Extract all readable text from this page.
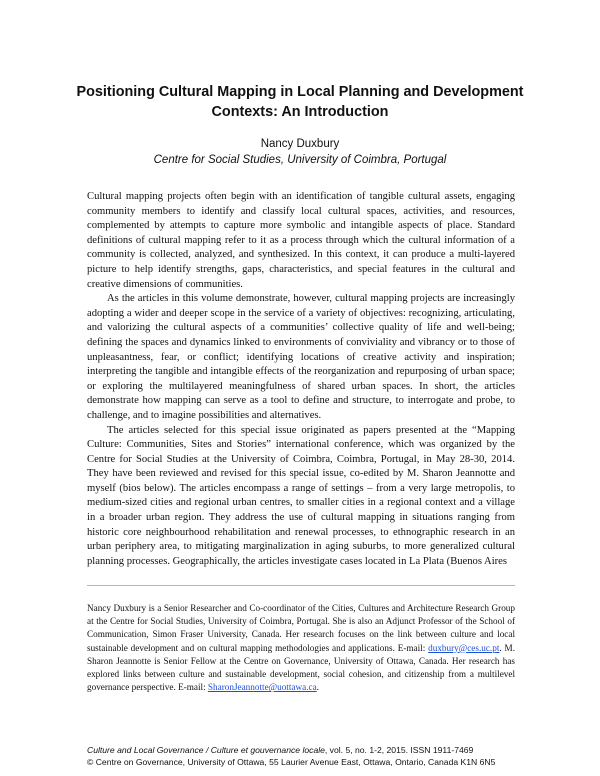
Positioning Cultural Mapping in Local Planning and Development Contexts: An Introduction

Nancy Duxbury

Centre for Social Studies, University of Coimbra, Portugal

Cultural mapping projects often begin with an identification of tangible cultural assets, engaging community members to identify and classify local cultural spaces, activities, and resources, complemented by attempts to capture more symbolic and intangible aspects of place. Standard definitions of cultural mapping refer to it as a process through which the cultural information of a community is collected, analyzed, and synthesized. In this context, it can produce a multi-layered picture to help identify strengths, gaps, characteristics, and special features in the cultural and creative dimensions of communities.

As the articles in this volume demonstrate, however, cultural mapping projects are increasingly adopting a wider and deeper scope in the service of a variety of objectives: recognizing, articulating, and valorizing the cultural aspects of a communities’ collective quality of life and well-being; defining the spaces and dynamics linked to environments of conviviality and vibrancy or to those of unpleasantness, fear, or conflict; identifying locations of creative activity and inspiration; interpreting the tangible and intangible effects of the reorganization and repurposing of urban space; or exploring the multilayered meaningfulness of shared urban spaces. In short, the articles demonstrate how mapping can serve as a tool to define and structure, to interrogate and probe, to challenge, and to imagine possibilities and alternatives.

The articles selected for this special issue originated as papers presented at the “Mapping Culture: Communities, Sites and Stories” international conference, which was organized by the Centre for Social Studies at the University of Coimbra, Coimbra, Portugal, in May 28-30, 2014. They have been reviewed and revised for this special issue, co-edited by M. Sharon Jeannotte and myself (bios below). The articles encompass a range of settings – from a very large metropolis, to medium-sized cities and regional urban centres, to smaller cities in a regional context and a village in a broader urban region. They address the use of cultural mapping in situations ranging from historic core neighbourhood rehabilitation and renewal processes, to ethnographic research in an urban periphery area, to mitigating marginalization in aging suburbs, to more generalized cultural planning processes. Geographically, the articles investigate cases located in La Plata (Buenos Aires

Nancy Duxbury is a Senior Researcher and Co-coordinator of the Cities, Cultures and Architecture Research Group at the Centre for Social Studies, University of Coimbra, Portugal. She is also an Adjunct Professor of the School of Communication, Simon Fraser University, Canada. Her research focuses on the link between culture and local sustainable development and on cultural mapping methodologies and applications. E-mail: duxbury@ces.uc.pt. M. Sharon Jeannotte is Senior Fellow at the Centre on Governance, University of Ottawa, Canada. Her research has explored links between culture and sustainable development, social cohesion, and citizenship from a multilevel governance perspective. E-mail: SharonJeannotte@uottawa.ca.

Culture and Local Governance / Culture et gouvernance locale, vol. 5, no. 1-2, 2015. ISSN 1911-7469
© Centre on Governance, University of Ottawa, 55 Laurier Avenue East, Ottawa, Ontario, Canada K1N 6N5
